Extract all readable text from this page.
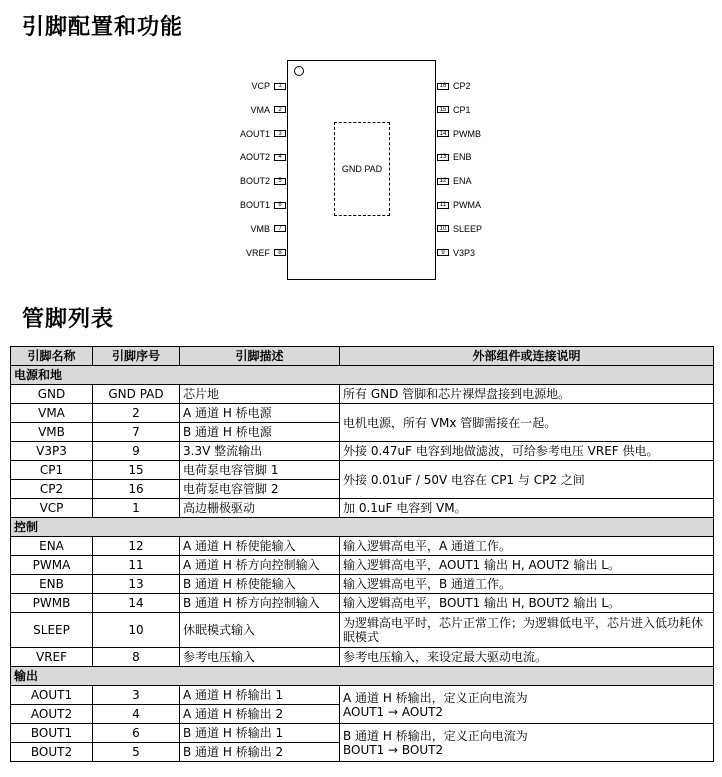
引脚配置和功能
GND PAD
VCP	1
VMA	2
AOUT1	3
AOUT2	4
BOUT2	5
BOUT1	6
VMB	7
VREF	8
16 CP2
15 CP1
14 PWMB
13 ENB
12 ENA
11 PWMA
10 SLEEP
9 V3P3
管脚列表
引脚名称	引脚序号	引脚描述	外部组件或连接说明
电源和地			
GND	GND PAD	芯片地	所有 GND 管脚和芯片裸焊盘接到电源地。
VMA	2	A 通道 H 桥电源	电机电源，所有 VMx 管脚需接在一起。
VMB	7	B 通道 H 桥电源	
V3P3	9	3.3V 整流输出	外接 0.47uF 电容到地做滤波，可给参考电压 VREF 供电。
CP1	15	电荷泵电容管脚 1	外接 0.01uF / 50V 电容在 CP1 与 CP2 之间
CP2	16	电荷泵电容管脚 2	
VCP	1	高边栅极驱动	加 0.1uF 电容到 VM。
控制			
ENA	12	A 通道 H 桥使能输入	输入逻辑高电平，A 通道工作。
PWMA	11	A 通道 H 桥方向控制输入	输入逻辑高电平，AOUT1 输出 H, AOUT2 输出 L。
ENB	13	B 通道 H 桥使能输入	输入逻辑高电平，B 通道工作。
PWMB	14	B 通道 H 桥方向控制输入	输入逻辑高电平，BOUT1 输出 H, BOUT2 输出 L。
SLEEP	10	休眠模式输入	为逻辑高电平时，芯片正常工作；为逻辑低电平，芯片进入低功耗休眠模式
VREF	8	参考电压输入	参考电压输入，来设定最大驱动电流。
输出			
AOUT1	3	A 通道 H 桥输出 1	A 通道 H 桥输出，定义正向电流为
AOUT1 → AOUT2
AOUT2	4	A 通道 H 桥输出 2	
BOUT1	6	B 通道 H 桥输出 1	B 通道 H 桥输出，定义正向电流为
BOUT1 → BOUT2
BOUT2	5	B 通道 H 桥输出 2	
